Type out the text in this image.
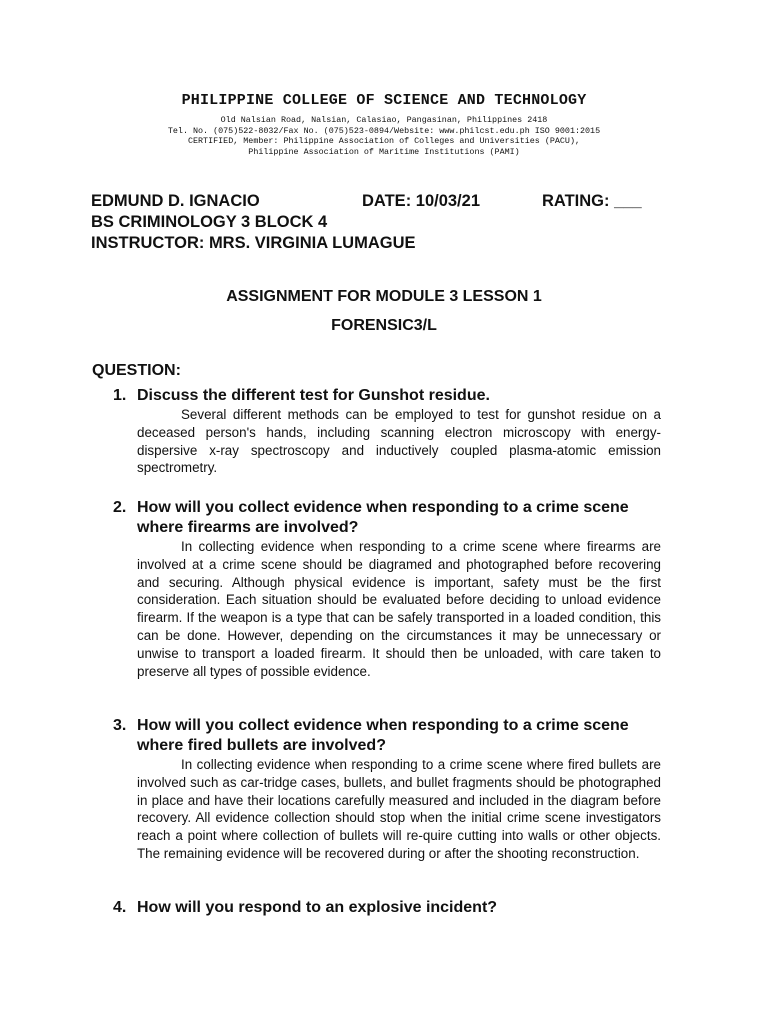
PHILIPPINE COLLEGE OF SCIENCE AND TECHNOLOGY
Old Nalsian Road, Nalsian, Calasiao, Pangasinan, Philippines 2418
Tel. No. (075)522-8032/Fax No. (075)523-0894/Website: www.philcst.edu.ph ISO 9001:2015
CERTIFIED, Member: Philippine Association of Colleges and Universities (PACU),
Philippine Association of Maritime Institutions (PAMI)
EDMUND D. IGNACIO	DATE: 10/03/21	RATING: ___
BS CRIMINOLOGY 3 BLOCK 4
INSTRUCTOR: MRS. VIRGINIA LUMAGUE
ASSIGNMENT FOR MODULE 3 LESSON 1
FORENSIC3/L
QUESTION:
1. Discuss the different test for Gunshot residue.
Several different methods can be employed to test for gunshot residue on a deceased person's hands, including scanning electron microscopy with energy-dispersive x-ray spectroscopy and inductively coupled plasma-atomic emission spectrometry.
2. How will you collect evidence when responding to a crime scene where firearms are involved?
In collecting evidence when responding to a crime scene where firearms are involved at a crime scene should be diagramed and photographed before recovering and securing. Although physical evidence is important, safety must be the first consideration. Each situation should be evaluated before deciding to unload evidence firearm. If the weapon is a type that can be safely transported in a loaded condition, this can be done. However, depending on the circumstances it may be unnecessary or unwise to transport a loaded firearm. It should then be unloaded, with care taken to preserve all types of possible evidence.
3. How will you collect evidence when responding to a crime scene where fired bullets are involved?
In collecting evidence when responding to a crime scene where fired bullets are involved such as car-tridge cases, bullets, and bullet fragments should be photographed in place and have their locations carefully measured and included in the diagram before recovery. All evidence collection should stop when the initial crime scene investigators reach a point where collection of bullets will re-quire cutting into walls or other objects. The remaining evidence will be recovered during or after the shooting reconstruction.
4. How will you respond to an explosive incident?
